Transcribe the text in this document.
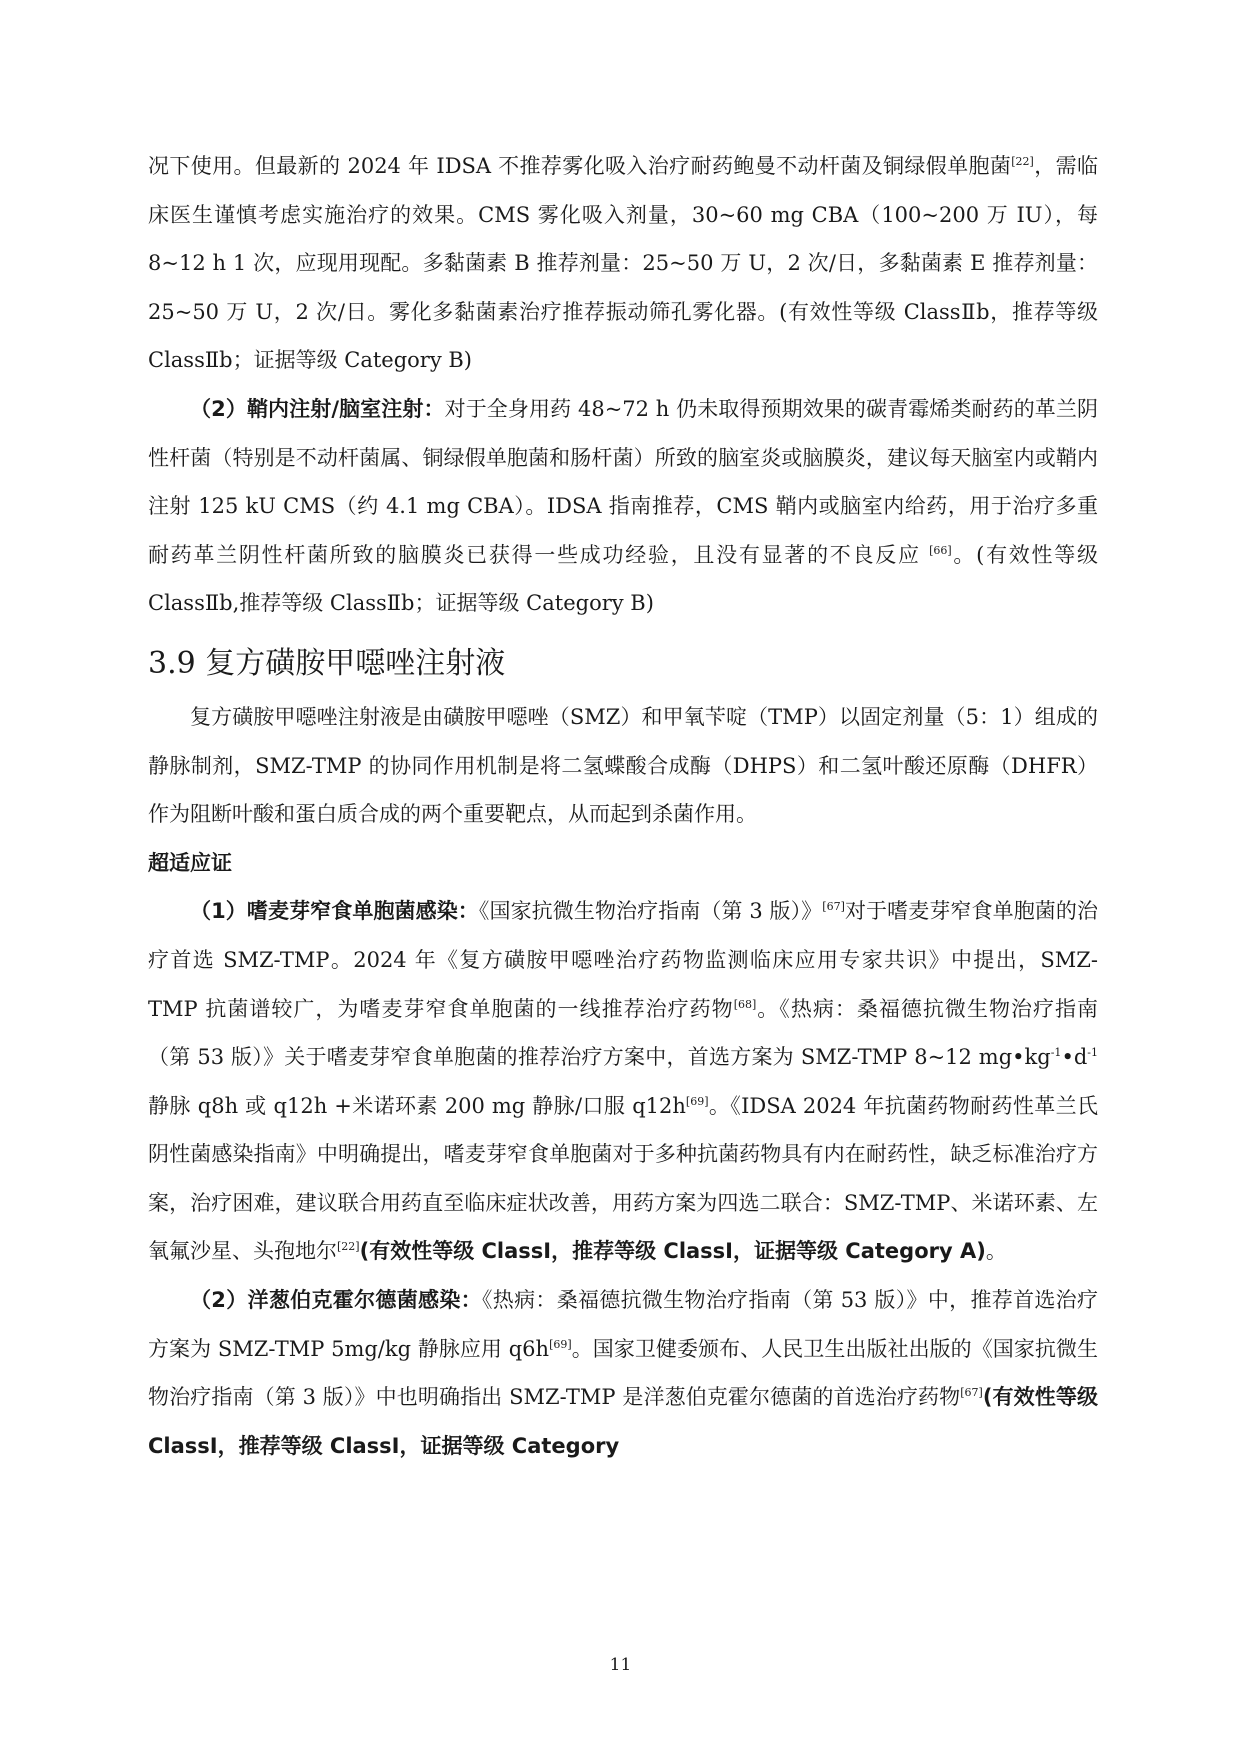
况下使用。但最新的 2024 年 IDSA 不推荐雾化吸入治疗耐药鲍曼不动杆菌及铜绿假单胞菌[22]，需临床医生谨慎考虑实施治疗的效果。CMS 雾化吸入剂量，30~60 mg CBA（100~200 万 IU），每 8~12 h 1 次，应现用现配。多黏菌素 B 推荐剂量：25~50 万 U，2 次/日，多黏菌素 E 推荐剂量：25~50 万 U，2 次/日。雾化多黏菌素治疗推荐振动筛孔雾化器。(有效性等级 ClassⅡb，推荐等级 ClassⅡb；证据等级 Category B)

（2）鞘内注射/脑室注射：对于全身用药 48~72 h 仍未取得预期效果的碳青霉烯类耐药的革兰阴性杆菌（特别是不动杆菌属、铜绿假单胞菌和肠杆菌）所致的脑室炎或脑膜炎，建议每天脑室内或鞘内注射 125 kU CMS（约 4.1 mg CBA）。IDSA 指南推荐，CMS 鞘内或脑室内给药，用于治疗多重耐药革兰阴性杆菌所致的脑膜炎已获得一些成功经验，且没有显著的不良反应 [66]。(有效性等级 ClassⅡb,推荐等级 ClassⅡb；证据等级 Category B)

3.9 复方磺胺甲噁唑注射液

复方磺胺甲噁唑注射液是由磺胺甲噁唑（SMZ）和甲氧苄啶（TMP）以固定剂量（5：1）组成的静脉制剂，SMZ-TMP 的协同作用机制是将二氢蝶酸合成酶（DHPS）和二氢叶酸还原酶（DHFR）作为阻断叶酸和蛋白质合成的两个重要靶点，从而起到杀菌作用。

超适应证

（1）嗜麦芽窄食单胞菌感染：《国家抗微生物治疗指南（第 3 版）》[67]对于嗜麦芽窄食单胞菌的治疗首选 SMZ-TMP。2024 年《复方磺胺甲噁唑治疗药物监测临床应用专家共识》中提出，SMZ-TMP 抗菌谱较广，为嗜麦芽窄食单胞菌的一线推荐治疗药物[68]。《热病：桑福德抗微生物治疗指南（第 53 版）》关于嗜麦芽窄食单胞菌的推荐治疗方案中，首选方案为 SMZ-TMP 8~12 $mg•kg^{-1}•d^{-1}$静脉 q8h 或 q12h +米诺环素 200 mg 静脉/口服 q12h[69]。《IDSA 2024 年抗菌药物耐药性革兰氏阴性菌感染指南》中明确提出，嗜麦芽窄食单胞菌对于多种抗菌药物具有内在耐药性，缺乏标准治疗方案，治疗困难，建议联合用药直至临床症状改善，用药方案为四选二联合：SMZ-TMP、米诺环素、左氧氟沙星、头孢地尔[22](有效性等级 ClassⅠ，推荐等级 ClassⅠ，证据等级 Category A)。

（2）洋葱伯克霍尔德菌感染：《热病：桑福德抗微生物治疗指南（第 53 版）》中，推荐首选治疗方案为 SMZ-TMP 5mg/kg 静脉应用 q6h[69]。国家卫健委颁布、人民卫生出版社出版的《国家抗微生物治疗指南（第 3 版）》中也明确指出 SMZ-TMP 是洋葱伯克霍尔德菌的首选治疗药物[67](有效性等级 ClassⅠ，推荐等级 ClassⅠ，证据等级 Category

11
